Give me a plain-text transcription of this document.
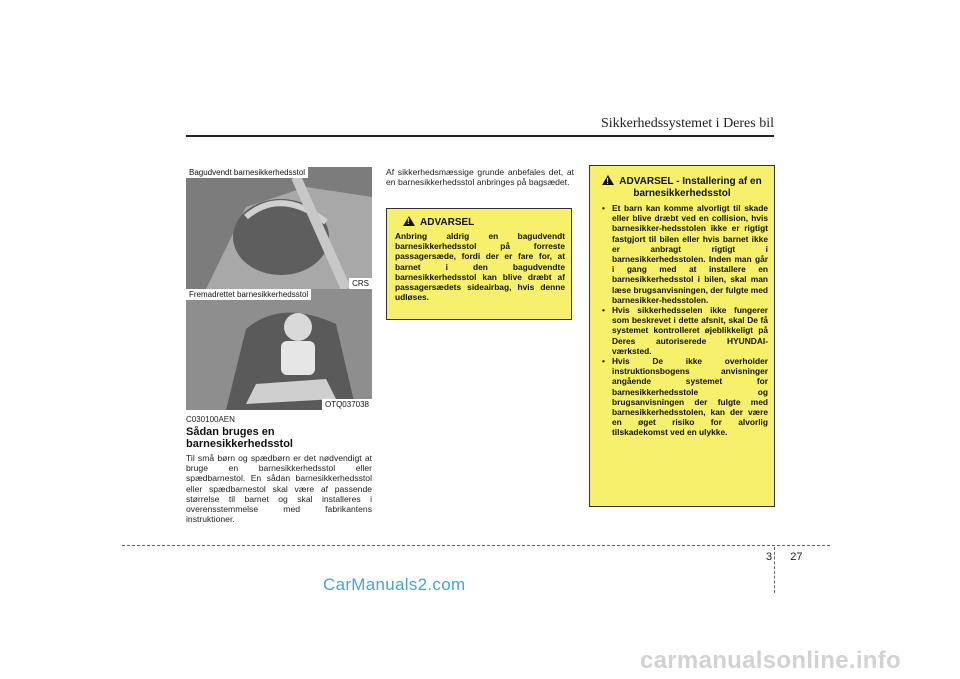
Sikkerhedssystemet i Deres bil
Bagudvendt barnesikkerhedsstol
CRS
Fremadrettet barnesikkerhedsstol
OTQ037038
C030100AEN
Sådan bruges en barnesikkerhedsstol
Til små børn og spædbørn er det nødvendigt at bruge en barnesikkerhedsstol eller spædbarnestol. En sådan barnesikkerhedsstol eller spædbarnestol skal være af passende størrelse til barnet og skal installeres i overensstemmelse med fabrikantens instruktioner.
Af sikkerhedsmæssige grunde anbefales det, at en barnesikkerhedsstol anbringes på bagsædet.
!ADVARSEL
Anbring aldrig en bagudvendt barnesikkerhedsstol på forreste passagersæde, fordi der er fare for, at barnet i den bagudvendte barnesikkerhedsstol kan blive dræbt af passagersædets sideairbag, hvis denne udløses.
!ADVARSEL - Installering af en barnesikkerhedsstol
• Et barn kan komme alvorligt til skade eller blive dræbt ved en collision, hvis barnesikker-hedsstolen ikke er rigtigt fastgjort til bilen eller hvis barnet ikke er anbragt rigtigt i barnesikkerhedsstolen. Inden man går i gang med at installere en barnesikkerhedsstol i bilen, skal man læse brugsanvisningen, der fulgte med barnesikker-hedsstolen.
• Hvis sikkerhedsselen ikke fungerer som beskrevet i dette afsnit, skal De få systemet kontrolleret øjeblikkeligt på Deres autoriserede HYUNDAI-værksted.
• Hvis De ikke overholder instruktionsbogens anvisninger angående systemet for barnesikkerhedsstole og brugsanvisningen der fulgte med barnesikkerhedsstolen, kan der være en øget risiko for alvorlig tilskadekomst ved en ulykke.
3 27
CarManuals2.com
carmanualsonline.info
